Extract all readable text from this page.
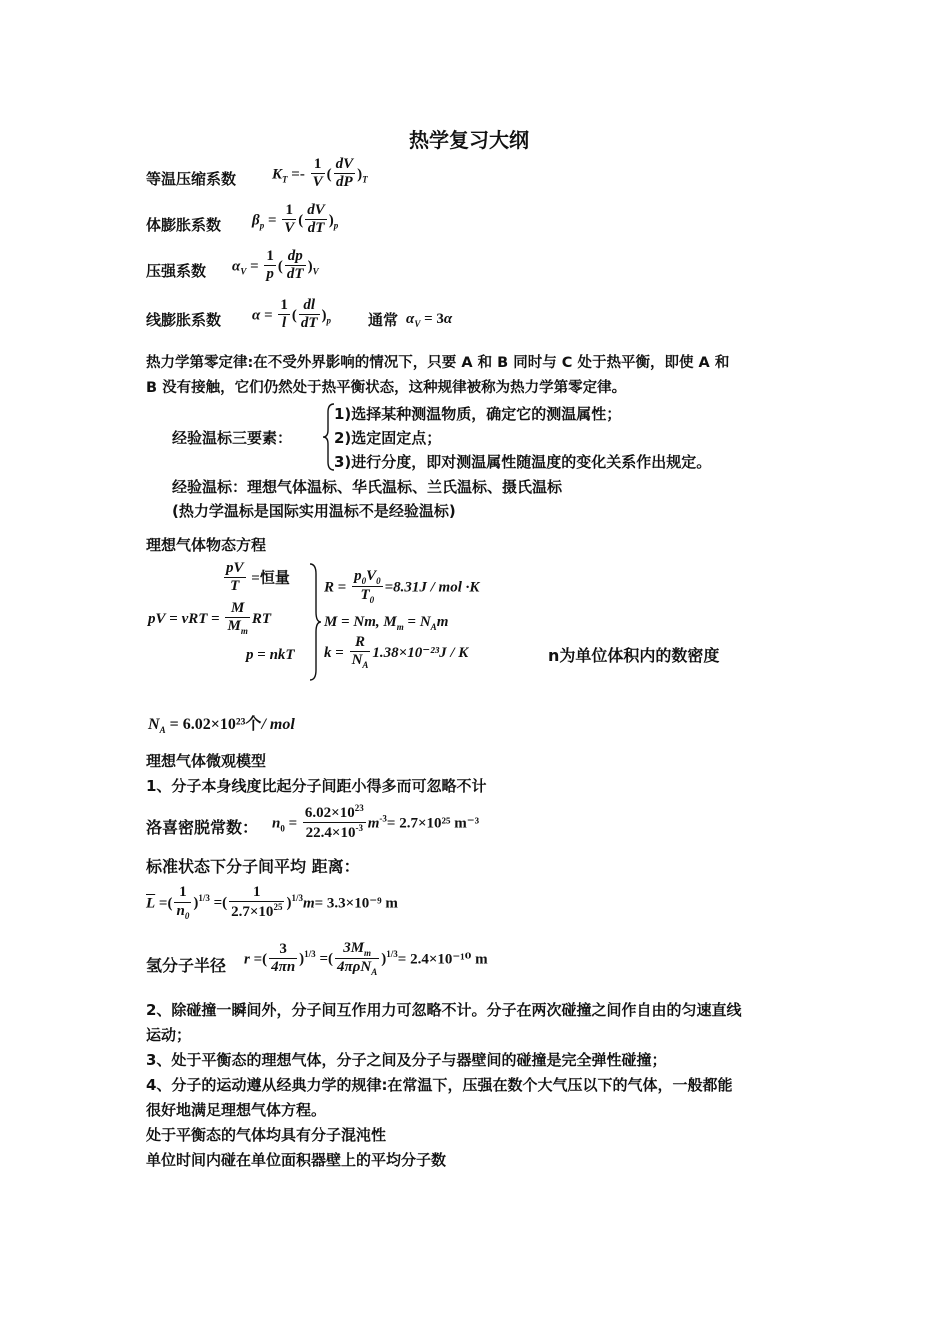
热学复习大纲
等温压缩系数 $K_T =- \frac{1}{V}$ ( $\frac{dV}{dP} )_T$
体膨胀系数 $\beta_p = \frac{1}{V}$ ( $\frac{dV}{dT} )_p$
压强系数 $\alpha_V = \frac{1}{p}$ ( $\frac{dp}{dT} )_V$
线膨胀系数 $\alpha = \frac{1}{l}$ ( $\frac{dl}{dT} )_p$ 通常 $\alpha_V = 3\alpha$
热力学第零定律:在不受外界影响的情况下，只要 A 和 B 同时与 C 处于热平衡，即使 A 和
B 没有接触，它们仍然处于热平衡状态，这种规律被称为热力学第零定律。
经验温标三要素：
1)选择某种测温物质，确定它的测温属性；
2)选定固定点；
3)进行分度，即对测温属性随温度的变化关系作出规定。
经验温标：理想气体温标、华氏温标、兰氏温标、摄氏温标
(热力学温标是国际实用温标不是经验温标)
理想气体物态方程
$\frac{pV}{T}$ =恒量
pV = $\nu RT = \frac{M}{M_m}$ RT
p = nkT
$R = \frac{p_0V_0}{T_0} =8.31J$ / mol ·K
M = Nm, $M_m = N_Am$
$k = \frac{R}{N_A} 1.38\times 10^{-23}J / K$	n为单位体积内的数密度
$N_A = 6.02\times 10^{23}$个/ mol
理想气体微观模型
1、分子本身线度比起分子间距小得多而可忽略不计
洛喜密脱常数： $n_0 = \frac{6.02\times 10^{23}}{22.4\times 10^{-3}} m^{-3}= 2.7\times 10^{25}$ m⁻³
标准状态下分子间平均 距离：
$\overline{L}$ =( $\frac{1}{n_0} )^{1/3}$ =( $\frac{1}{2.7\times 10^{25}} )^{1/3}m= 3.3\times 10^{-9}$ m
氢分子半径 r =( $\frac{3}{4\pi n} )^{1/3}$ =( $\frac{3M_m}{4\pi\rho N_A} )^{1/3}= 2.4\times 10^{-10}$ m
2、除碰撞一瞬间外，分子间互作用力可忽略不计。分子在两次碰撞之间作自由的匀速直线
运动；
3、处于平衡态的理想气体，分子之间及分子与器壁间的碰撞是完全弹性碰撞；
4、分子的运动遵从经典力学的规律:在常温下，压强在数个大气压以下的气体，一般都能
很好地满足理想气体方程。
处于平衡态的气体均具有分子混沌性
单位时间内碰在单位面积器壁上的平均分子数
